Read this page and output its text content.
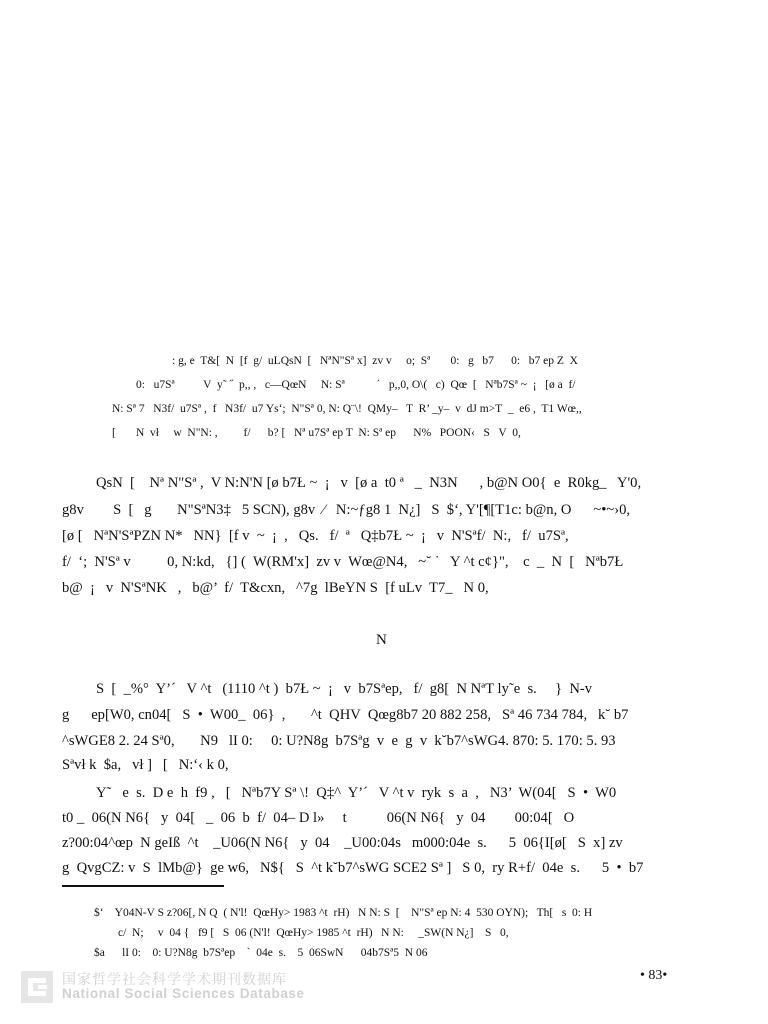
: g, e  T&[  N  [f  g/  uLQsN  [   NªN"Sª x]  zv v     o;  Sª       0:   g   b7      0:   b7 ep Z  X
0:   u7Sª          V  y˜ ˝  p,, ,   c—QœN     N: Sª           ´   p,,0, O\(   c)  Qœ  [   Nªb7Sª ~  ¡   [ø a  f/
N: Sª 7   N3f/  u7Sª ,  f   N3f/  u7 Ys‘;  N"Sª 0, N: Q¨\!  QMy–   T  R’ _y–  v  dJ m>T  _  e6 ,  T1 Wœ,,
[       N  vł     w  N"N: ,         f/      b? [   Nª u7Sª ep T  N: Sª ep      N%   POON‹   S   V  0,
QsN  [    Nª N"Sª ,  V N:N'N [ø b7Ł ~  ¡   v  [ø a  t0 ª   _  N3N      , b@N O0{  e  R0kg_   Y'0,
g8v        S  [   g       N"SªN3‡   5 SCN), g8v  ⁄   N:~ƒg8 1  N¿]   S  $‘, Y'[¶[T1c: b@n, O      ~•~›0,
[ø [   NªN'SªPZN N*   NN}  [f v  ~  ¡  ,   Qs.   f/  ª   Q‡b7Ł ~  ¡   v  N'Sªf/  N:,   f/  u7Sª,
f/  ‘;  N'Sª v          0, N:kd,   {] (  W(RM'x]  zv v  Wœ@N4,   ~˘ ˙   Y ^t c¢}",    c  _  N  [   Nªb7Ł
b@  ¡   v  N'SªNK   ,   b@’  f/  T&cxn,   ^7g  lBeYN S  [f uLv  T7_   N 0,
N
S  [  _%°  Y’´   V ^t   (1110 ^t )  b7Ł ~  ¡   v  b7Sªep,   f/  g8[  N NªT ly˜e  s.     }  N-v
g      ep[W0, cn04[   S  •  W00_  06}  ,       ^t  QHV  Qœg8b7 20 882 258,   Sª 46 734 784,   k˘ b7
^sWGE8 2. 24 Sª0,       N9   lI 0:     0: U?N8g  b7Sªg  v  e  g  v  k˘b7^sWG4. 870: 5. 170: 5. 93
Sªvł k  $a,   vł ]   [   N:‘‹ k 0,
Y˜   e  s.  D e  h  f9 ,   [   Nªb7Y Sª \!  Q‡^  Y’´   V ^t v  ryk  s  a  ,   N3’  W(04[   S  •  W0
t0 _  06(N N6{   y  04[   _  06  b  f/  04– D l»     t           06(N N6{   y  04        00:04[   O
z?00:04^œp  N geIß  ^t    _U06(N N6{   y  04    _U00:04s   m000:04e  s.      5  06{I[ø[   S  x] zv
g  QvgCZ: v  S  lMb@}  ge w6,   N${   S  ^t k˘b7^sWG SCE2 Sª ]   S 0,  ry R+f/  04e  s.      5  •  b7
$‘    Y04N-V S z?06[, N Q  ( N'l!  QœHy> 1983 ^t  rH)   N N: S  [    N"Sª ep N: 4  530 OYN);   Th[   s  0: H
c/  N;     v  04 {   f9 [   S  06 (N'l!  QœHy> 1985 ^t  rH)   N N:     _SW(N N¿]    S   0,
$a      lI 0:    0: U?N8g  b7Sªep    `  04e  s.    5  06SwN      04b7Sª5  N 06
• 83•
国家哲学社会科学学术期刊数据库
National Social Sciences Database
